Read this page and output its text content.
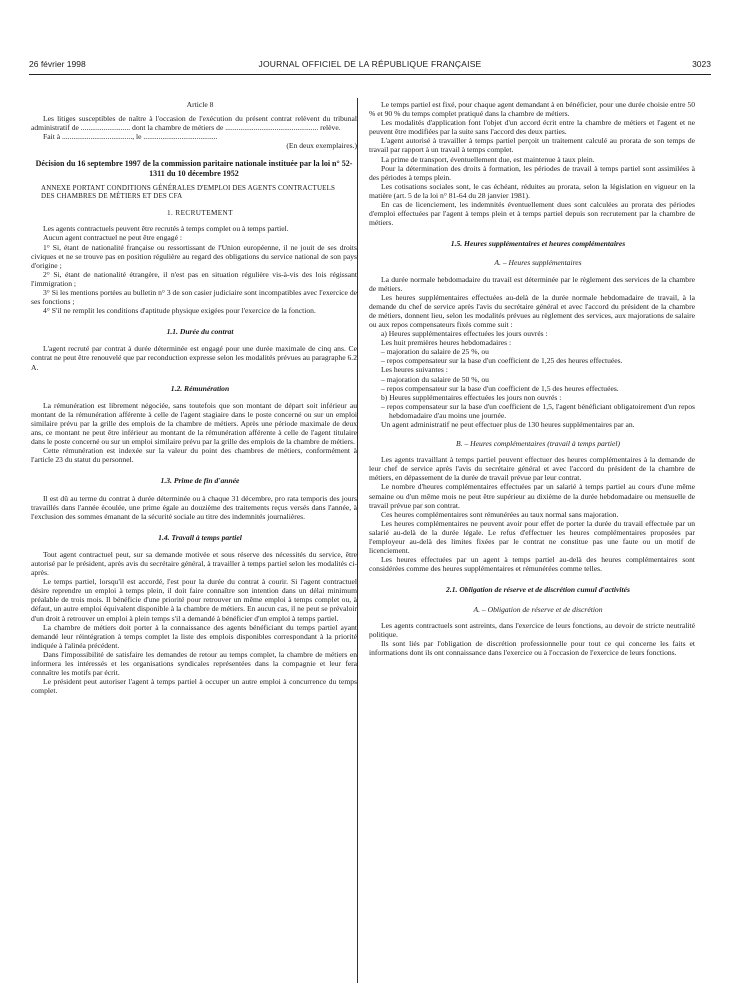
26 février 1998	JOURNAL OFFICIEL DE LA RÉPUBLIQUE FRANÇAISE	3023

Article 8

Les litiges susceptibles de naître à l'occasion de l'exécution du présent contrat relèvent du tribunal administratif de .......................... dont la chambre de métiers de ................................................. relève.

Fait à ....................................., le .......................................

(En deux exemplaires.)

Décision du 16 septembre 1997 de la commission paritaire nationale instituée par la loi n° 52-1311 du 10 décembre 1952

ANNEXE PORTANT CONDITIONS GÉNÉRALES D'EMPLOI DES AGENTS CONTRACTUELS DES CHAMBRES DE MÉTIERS ET DES CFA

1. RECRUTEMENT

Les agents contractuels peuvent être recrutés à temps complet ou à temps partiel.

Aucun agent contractuel ne peut être engagé :

1° Si, étant de nationalité française ou ressortissant de l'Union européenne, il ne jouit de ses droits civiques et ne se trouve pas en position régulière au regard des obligations du service national de son pays d'origine ;

2° Si, étant de nationalité étrangère, il n'est pas en situation régulière vis-à-vis des lois régissant l'immigration ;

3° Si les mentions portées au bulletin n° 3 de son casier judiciaire sont incompatibles avec l'exercice de ses fonctions ;

4° S'il ne remplit les conditions d'aptitude physique exigées pour l'exercice de la fonction.

1.1. Durée du contrat

L'agent recruté par contrat à durée déterminée est engagé pour une durée maximale de cinq ans. Ce contrat ne peut être renouvelé que par reconduction expresse selon les modalités prévues au paragraphe 6.2 A.

1.2. Rémunération

La rémunération est librement négociée, sans toutefois que son montant de départ soit inférieur au montant de la rémunération afférente à celle de l'agent stagiaire dans le poste concerné ou sur un emploi similaire prévu par la grille des emplois de la chambre de métiers. Après une période maximale de deux ans, ce montant ne peut être inférieur au montant de la rémunération afférente à celle de l'agent titulaire dans le poste concerné ou sur un emploi similaire prévu par la grille des emplois de la chambre de métiers.

Cette rémunération est indexée sur la valeur du point des chambres de métiers, conformément à l'article 23 du statut du personnel.

1.3. Prime de fin d'année

Il est dû au terme du contrat à durée déterminée ou à chaque 31 décembre, pro rata temporis des jours travaillés dans l'année écoulée, une prime égale au douzième des traitements reçus versés dans l'année, à l'exclusion des sommes émanant de la sécurité sociale au titre des indemnités journalières.

1.4. Travail à temps partiel

Tout agent contractuel peut, sur sa demande motivée et sous réserve des nécessités du service, être autorisé par le président, après avis du secrétaire général, à travailler à temps partiel selon les modalités ci-après.

Le temps partiel, lorsqu'il est accordé, l'est pour la durée du contrat à courir. Si l'agent contractuel désire reprendre un emploi à temps plein, il doit faire connaître son intention dans un délai minimum préalable de trois mois. Il bénéficie d'une priorité pour retrouver un même emploi à temps complet ou, à défaut, un autre emploi équivalent disponible à la chambre de métiers. En aucun cas, il ne peut se prévaloir d'un droit à retrouver un emploi à plein temps s'il a demandé à bénéficier d'un emploi à temps partiel.

La chambre de métiers doit porter à la connaissance des agents bénéficiant du temps partiel ayant demandé leur réintégration à temps complet la liste des emplois disponibles correspondant à la priorité indiquée à l'alinéa précédent.

Dans l'impossibilité de satisfaire les demandes de retour au temps complet, la chambre de métiers en informera les intéressés et les organisations syndicales représentées dans la compagnie et leur fera connaître les motifs par écrit.

Le président peut autoriser l'agent à temps partiel à occuper un autre emploi à concurrence du temps complet.

Le temps partiel est fixé, pour chaque agent demandant à en bénéficier, pour une durée choisie entre 50 % et 90 % du temps complet pratiqué dans la chambre de métiers.

Les modalités d'application font l'objet d'un accord écrit entre la chambre de métiers et l'agent et ne peuvent être modifiées par la suite sans l'accord des deux parties.

L'agent autorisé à travailler à temps partiel perçoit un traitement calculé au prorata de son temps de travail par rapport à un travail à temps complet.

La prime de transport, éventuellement due, est maintenue à taux plein.

Pour la détermination des droits à formation, les périodes de travail à temps partiel sont assimilées à des périodes à temps plein.

Les cotisations sociales sont, le cas échéant, réduites au prorata, selon la législation en vigueur en la matière (art. 5 de la loi n° 81-64 du 28 janvier 1981).

En cas de licenciement, les indemnités éventuellement dues sont calculées au prorata des périodes d'emploi effectuées par l'agent à temps plein et à temps partiel depuis son recrutement par la chambre de métiers.

1.5. Heures supplémentaires et heures complémentaires

A. – Heures supplémentaires

La durée normale hebdomadaire du travail est déterminée par le règlement des services de la chambre de métiers.

Les heures supplémentaires effectuées au-delà de la durée normale hebdomadaire de travail, à la demande du chef de service après l'avis du secrétaire général et avec l'accord du président de la chambre de métiers, donnent lieu, selon les modalités prévues au règlement des services, aux majorations de salaire ou aux repos compensateurs fixés comme suit :

a) Heures supplémentaires effectuées les jours ouvrés :

Les huit premières heures hebdomadaires :

– majoration du salaire de 25 %, ou

– repos compensateur sur la base d'un coefficient de 1,25 des heures effectuées.

Les heures suivantes :

– majoration du salaire de 50 %, ou

– repos compensateur sur la base d'un coefficient de 1,5 des heures effectuées.

b) Heures supplémentaires effectuées les jours non ouvrés :

– repos compensateur sur la base d'un coefficient de 1,5, l'agent bénéficiant obligatoirement d'un repos hebdomadaire d'au moins une journée.

Un agent administratif ne peut effectuer plus de 130 heures supplémentaires par an.

B. – Heures complémentaires (travail à temps partiel)

Les agents travaillant à temps partiel peuvent effectuer des heures complémentaires à la demande de leur chef de service après l'avis du secrétaire général et avec l'accord du président de la chambre de métiers, en dépassement de la durée de travail prévue par leur contrat.

Le nombre d'heures complémentaires effectuées par un salarié à temps partiel au cours d'une même semaine ou d'un même mois ne peut être supérieur au dixième de la durée hebdomadaire ou mensuelle de travail prévue par son contrat.

Ces heures complémentaires sont rémunérées au taux normal sans majoration.

Les heures complémentaires ne peuvent avoir pour effet de porter la durée du travail effectuée par un salarié au-delà de la durée légale. Le refus d'effectuer les heures complémentaires proposées par l'employeur au-delà des limites fixées par le contrat ne constitue pas une faute ou un motif de licenciement.

Les heures effectuées par un agent à temps partiel au-delà des heures complémentaires sont considérées comme des heures supplémentaires et rémunérées comme telles.

2.1. Obligation de réserve et de discrétion cumul d'activités

A. – Obligation de réserve et de discrétion

Les agents contractuels sont astreints, dans l'exercice de leurs fonctions, au devoir de stricte neutralité politique.

Ils sont liés par l'obligation de discrétion professionnelle pour tout ce qui concerne les faits et informations dont ils ont connaissance dans l'exercice ou à l'occasion de l'exercice de leurs fonctions.
